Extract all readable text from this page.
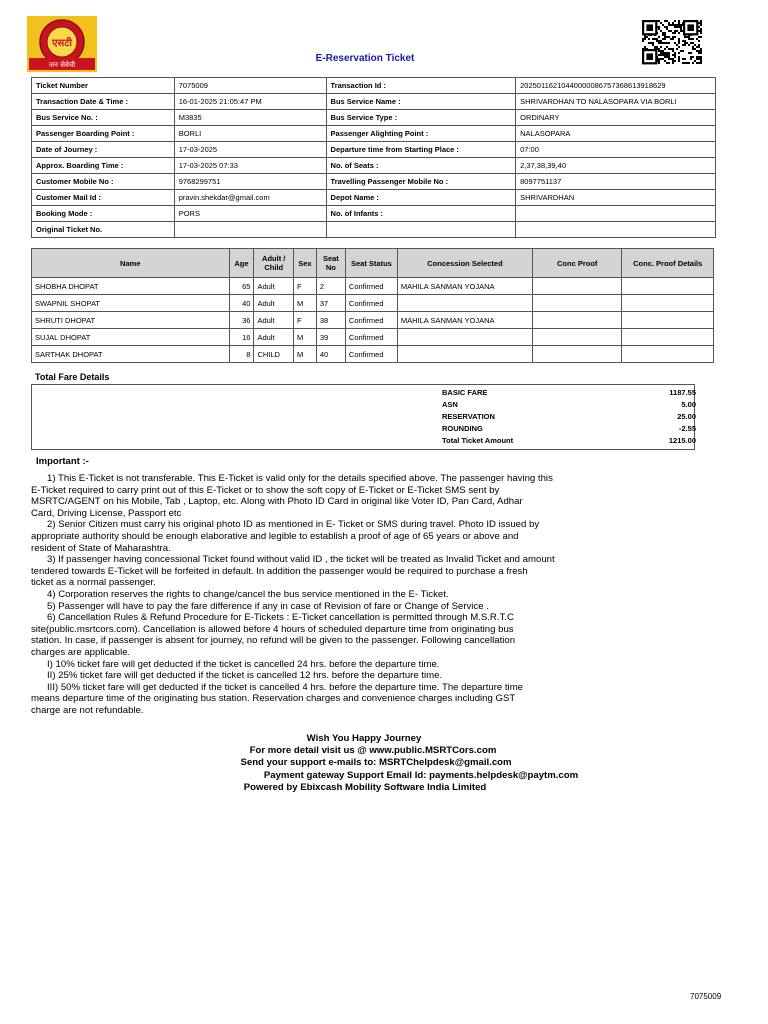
एसटी
जन सेवेची
E-Reservation Ticket
Ticket Number	7075009	Transaction Id :	20250116210440000086757368613918629
Transaction Date & Time :	16-01-2025 21:05:47 PM	Bus Service Name :	SHRIVARDHAN TO NALASOPARA VIA BORLI
Bus Service No. :	M3835	Bus Service Type :	ORDINARY
Passenger Boarding Point :	BORLI	Passenger Alighting Point :	NALASOPARA
Date of Journey :	17-03-2025	Departure time from Starting Place :	07:00
Approx. Boarding Time :	17-03-2025 07:33	No. of Seats :	2,37,38,39,40
Customer Mobile No :	9768299751	Travelling Passenger Mobile No :	8097751137
Customer Mail Id :	pravin.shekdar@gmail.com	Depot Name :	SHRIVARDHAN
Booking Mode :	PORS	No. of Infants :	
Original Ticket No.			
Name	Age	Adult / Child	Sex	Seat No	Seat Status	Concession Selected	Conc Proof	Conc. Proof Details
SHOBHA DHOPAT	65	Adult	F	2	Confirmed	MAHILA SANMAN YOJANA		
SWAPNIL SHOPAT	40	Adult	M	37	Confirmed			
SHRUTI DHOPAT	36	Adult	F	38	Confirmed	MAHILA SANMAN YOJANA		
SUJAL DHOPAT	16	Adult	M	39	Confirmed			
SARTHAK DHOPAT	8	CHILD	M	40	Confirmed			
Total Fare Details
BASIC FARE	1187.55
ASN	5.00
RESERVATION	25.00
ROUNDING	-2.55
Total Ticket Amount	1215.00
Important :-

1) This E-Ticket is not transferable. This E-Ticket is valid only for the details specified above. The passenger having this

E-Ticket required to carry print out of this E-Ticket or to show the soft copy of E-Ticket or E-Ticket SMS sent by

MSRTC/AGENT on his Mobile, Tab , Laptop, etc. Along with Photo ID Card in original like Voter ID, Pan Card, Adhar

Card, Driving License, Passport etc

2) Senior Citizen must carry his original photo ID as mentioned in E- Ticket or SMS during travel. Photo ID issued by

appropriate authority should be enough elaborative and legible to establish a proof of age of 65 years or above and

resident of State of Maharashtra.

3) If passenger having concessional Ticket found without valid ID , the ticket will be treated as Invalid Ticket and amount

tendered towards E-Ticket will be forfeited in default. In addition the passenger would be required to purchase a fresh

ticket as a normal passenger.

4) Corporation reserves the rights to change/cancel the bus service mentioned in the E- Ticket.

5) Passenger will have to pay the fare difference if any in case of Revision of fare or Change of Service .

6) Cancellation Rules & Refund Procedure for E-Tickets : E-Ticket cancellation is permitted through M.S.R.T.C

site(public.msrtcors.com). Cancellation is allowed before 4 hours of scheduled departure time from originating bus

station. In case, if passenger is absent for journey, no refund will be given to the passenger. Following cancellation

charges are applicable.

I) 10% ticket fare will get deducted if the ticket is cancelled 24 hrs. before the departure time.

II) 25% ticket fare will get deducted if the ticket is cancelled 12 hrs. before the departure time.

III) 50% ticket fare will get deducted if the ticket is cancelled 4 hrs. before the departure time. The departure time

means departure time of the originating bus station. Reservation charges and convenience charges including GST

charge are not refundable.

Wish You Happy Journey
For more detail visit us @ www.public.MSRTCors.com
Send your support e-mails to: MSRTChelpdesk@gmail.com
Payment gateway Support Email Id: payments.helpdesk@paytm.com
Powered by Ebixcash Mobility Software India Limited
7075009
